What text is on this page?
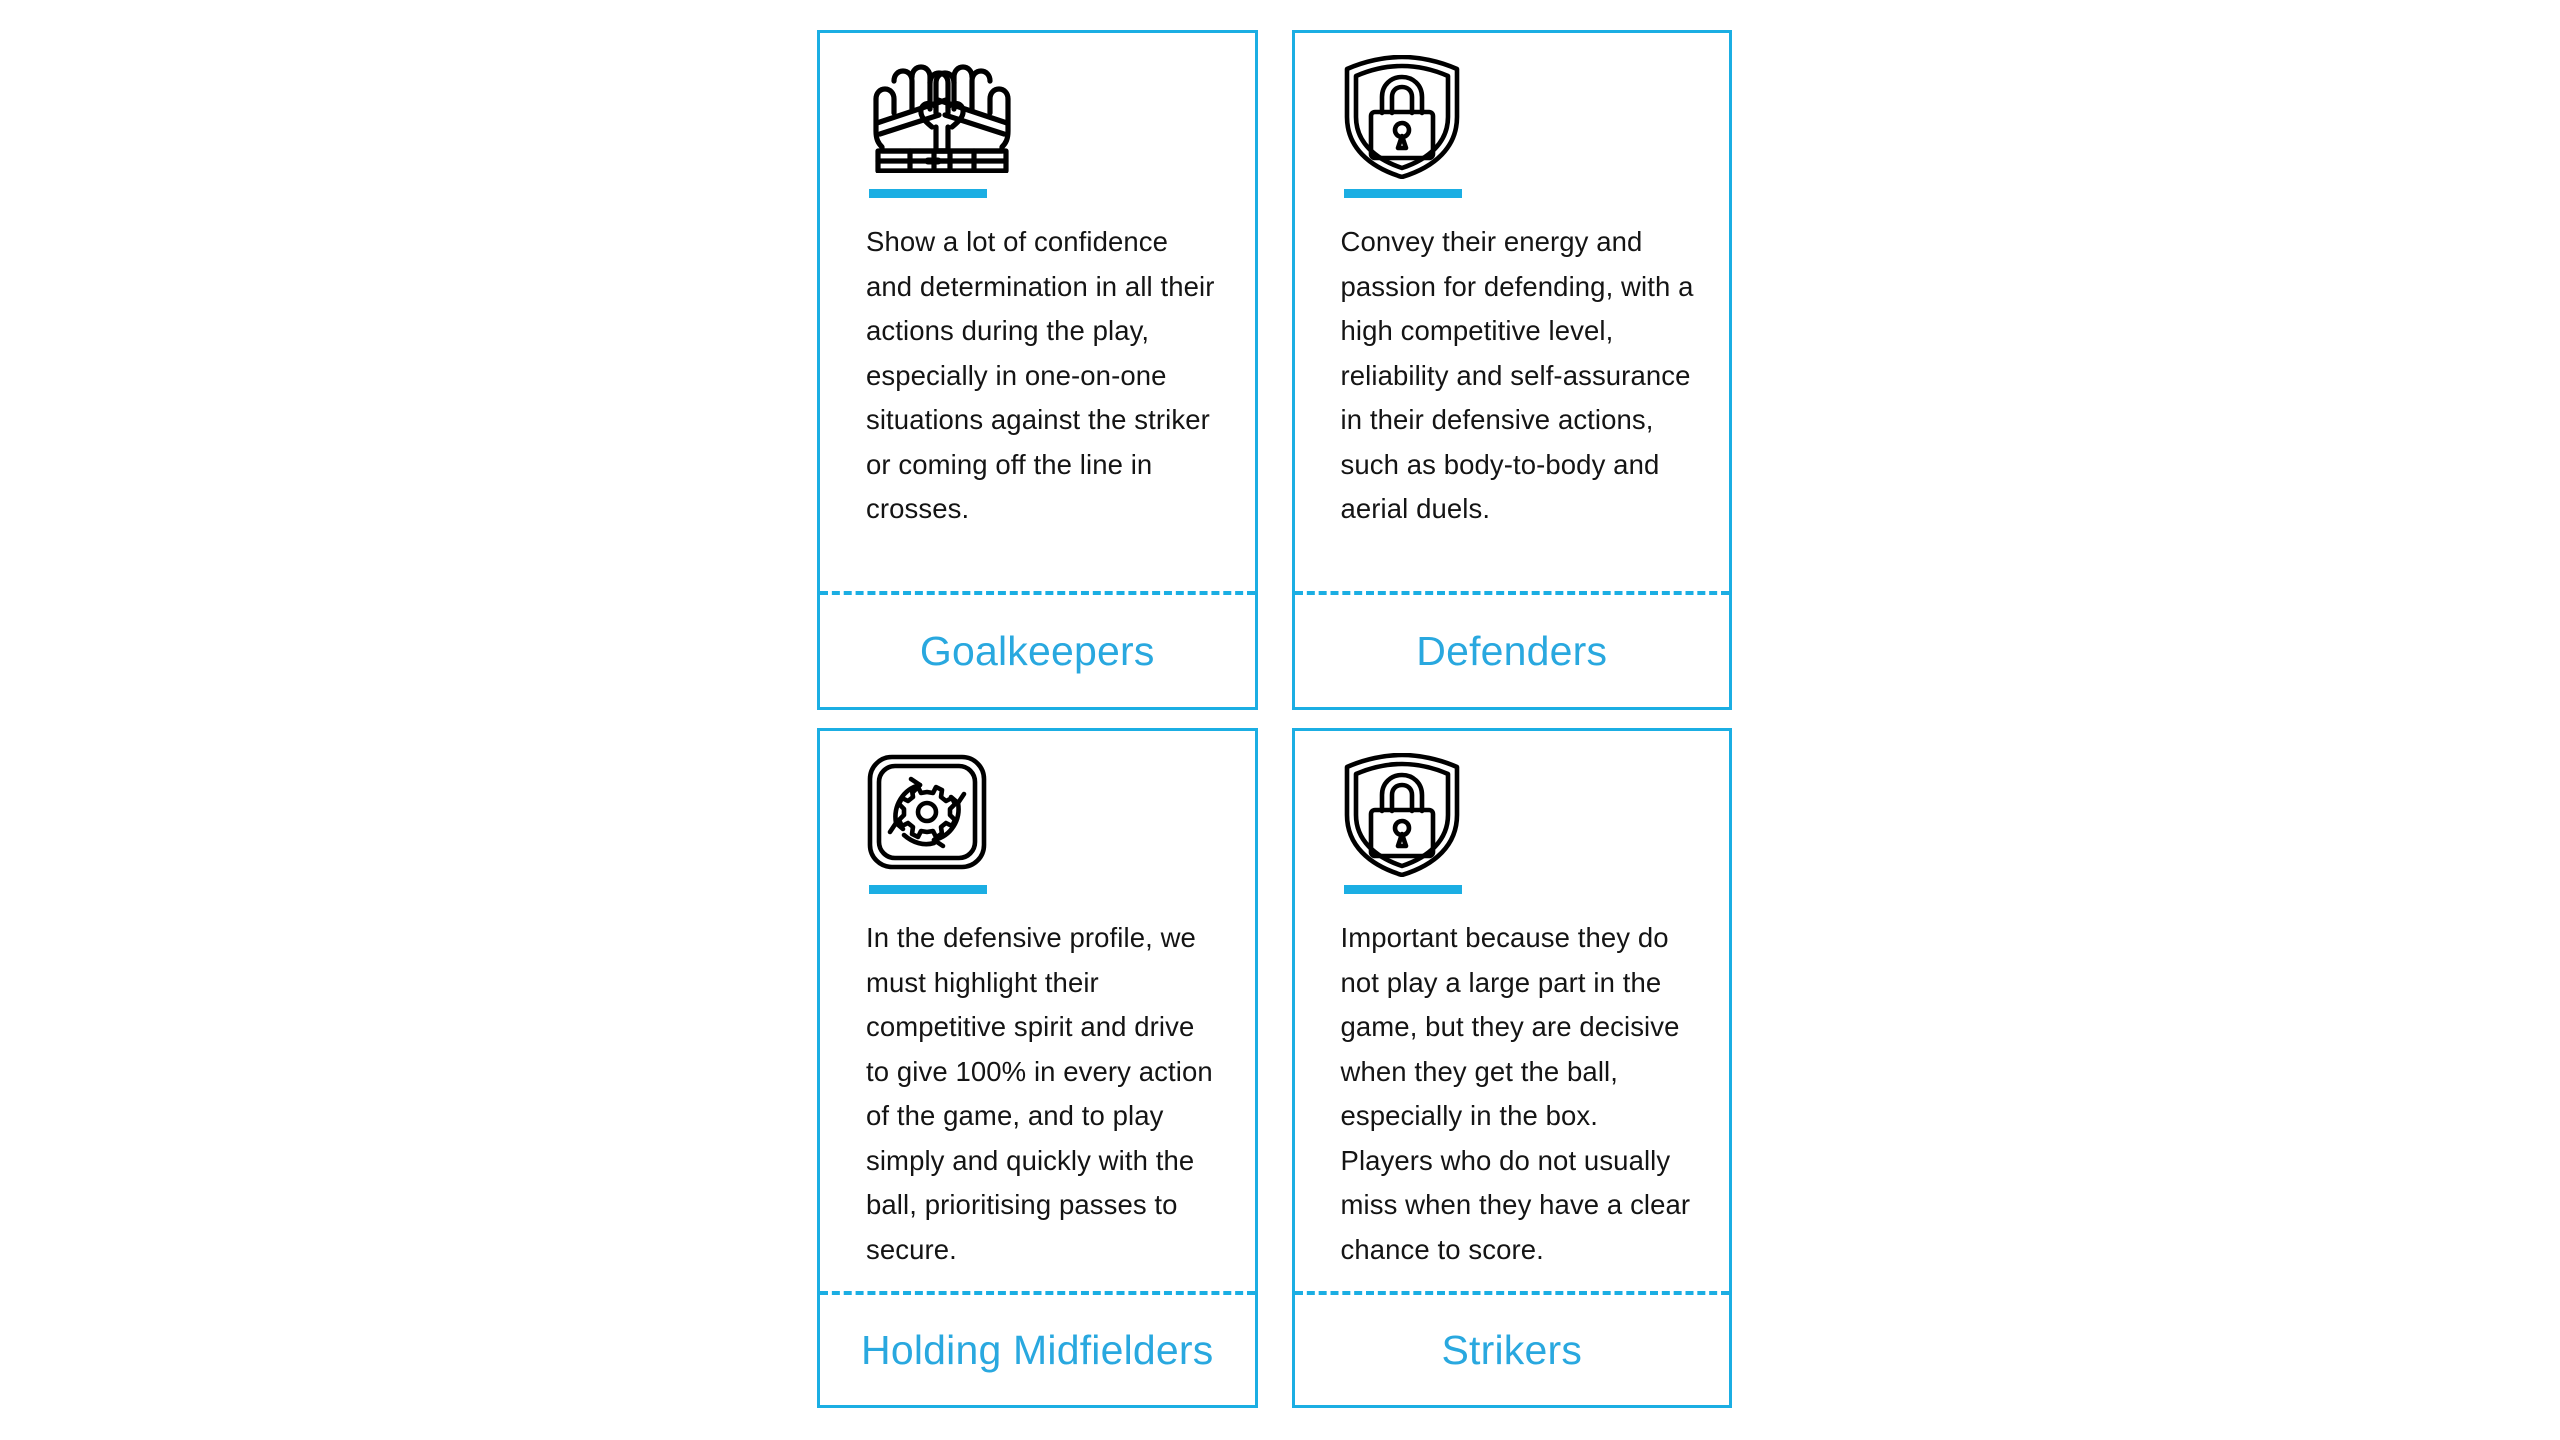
Show a lot of confidence and determination in all their actions during the play, especially in one-on-one situations against the striker or coming off the line in crosses.
Goalkeepers
Convey their energy and passion for defending, with a high competitive level, reliability and self-assurance in their defensive actions, such as body-to-body and aerial duels.
Defenders
In the defensive profile, we must highlight their competitive spirit and drive to give 100% in every action of the game, and to play simply and quickly with the ball, prioritising passes to secure.
Holding Midfielders
Important because they do not play a large part in the game, but they are decisive when they get the ball, especially in the box. Players who do not usually miss when they have a clear chance to score.
Strikers
